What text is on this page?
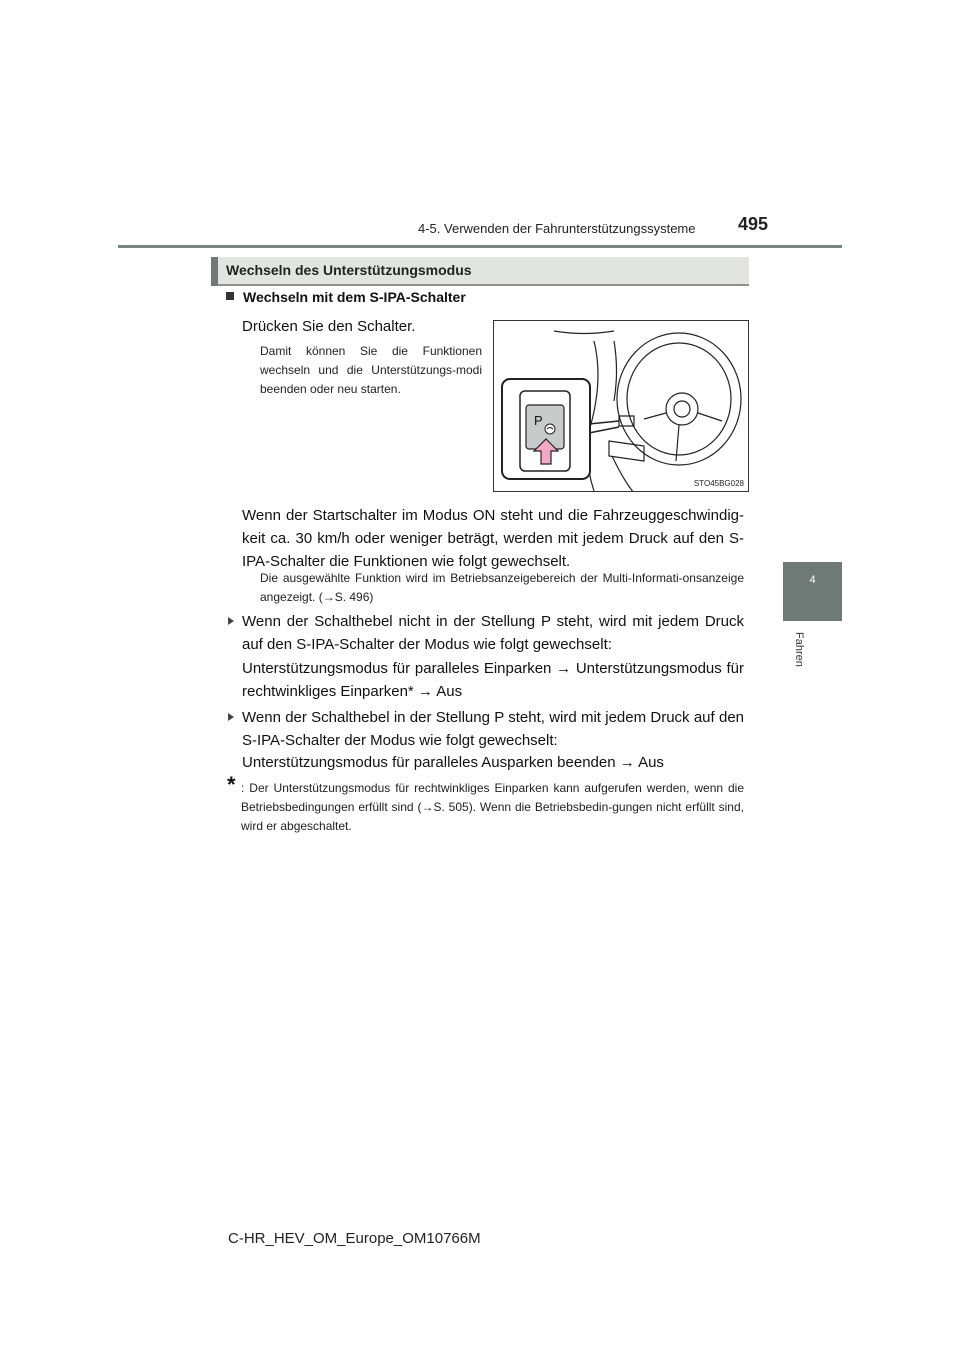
4-5. Verwenden der Fahrunterstützungssysteme 495
4
Fahren
Wechseln des Unterstützungsmodus
Wechseln mit dem S-IPA-Schalter
Drücken Sie den Schalter.
Damit können Sie die Funktionen wechseln und die Unterstützungs-modi beenden oder neu starten.
P
STO45BG028
Wenn der Startschalter im Modus ON steht und die Fahrzeuggeschwindig-keit ca. 30 km/h oder weniger beträgt, werden mit jedem Druck auf den S-IPA-Schalter die Funktionen wie folgt gewechselt.
Die ausgewählte Funktion wird im Betriebsanzeigebereich der Multi-Informati-onsanzeige angezeigt. (→S. 496)
Wenn der Schalthebel nicht in der Stellung P steht, wird mit jedem Druck auf den S-IPA-Schalter der Modus wie folgt gewechselt:
Unterstützungsmodus für paralleles Einparken → Unterstützungsmodus für rechtwinkliges Einparken* → Aus
Wenn der Schalthebel in der Stellung P steht, wird mit jedem Druck auf den S-IPA-Schalter der Modus wie folgt gewechselt:
Unterstützungsmodus für paralleles Ausparken beenden → Aus
* : Der Unterstützungsmodus für rechtwinkliges Einparken kann aufgerufen werden, wenn die Betriebsbedingungen erfüllt sind (→S. 505). Wenn die Betriebsbedin-gungen nicht erfüllt sind, wird er abgeschaltet.
C-HR_HEV_OM_Europe_OM10766M
